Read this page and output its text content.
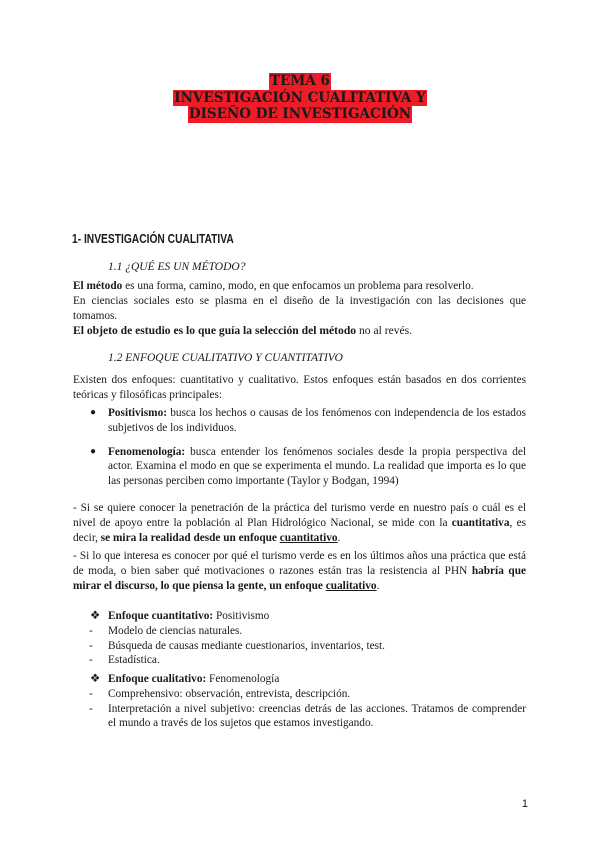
TEMA 6
INVESTIGACIÓN CUALITATIVA Y
DISEÑO DE INVESTIGACIÓN
1- INVESTIGACIÓN CUALITATIVA
1.1 ¿QUÉ ES UN MÉTODO?
El método es una forma, camino, modo, en que enfocamos un problema para resolverlo.
En ciencias sociales esto se plasma en el diseño de la investigación con las decisiones que tomamos.
El objeto de estudio es lo que guía la selección del método no al revés.
1.2 ENFOQUE CUALITATIVO Y CUANTITATIVO
Existen dos enfoques: cuantitativo y cualitativo. Estos enfoques están basados en dos corrientes teóricas y filosóficas principales:
● Positivismo: busca los hechos o causas de los fenómenos con independencia de los estados subjetivos de los individuos.
● Fenomenología: busca entender los fenómenos sociales desde la propia perspectiva del actor. Examina el modo en que se experimenta el mundo. La realidad que importa es lo que las personas perciben como importante (Taylor y Bodgan, 1994)
- Si se quiere conocer la penetración de la práctica del turismo verde en nuestro país o cuál es el nivel de apoyo entre la población al Plan Hidrológico Nacional, se mide con la cuantitativa, es decir, se mira la realidad desde un enfoque cuantitativo.
- Si lo que interesa es conocer por qué el turismo verde es en los últimos años una práctica que está de moda, o bien saber qué motivaciones o razones están tras la resistencia al PHN habría que mirar el discurso, lo que piensa la gente, un enfoque cualitativo.
❖ Enfoque cuantitativo: Positivismo
- Modelo de ciencias naturales.
- Búsqueda de causas mediante cuestionarios, inventarios, test.
- Estadística.
❖ Enfoque cualitativo: Fenomenología
- Comprehensivo: observación, entrevista, descripción.
- Interpretación a nivel subjetivo: creencias detrás de las acciones. Tratamos de comprender el mundo a través de los sujetos que estamos investigando.
1
